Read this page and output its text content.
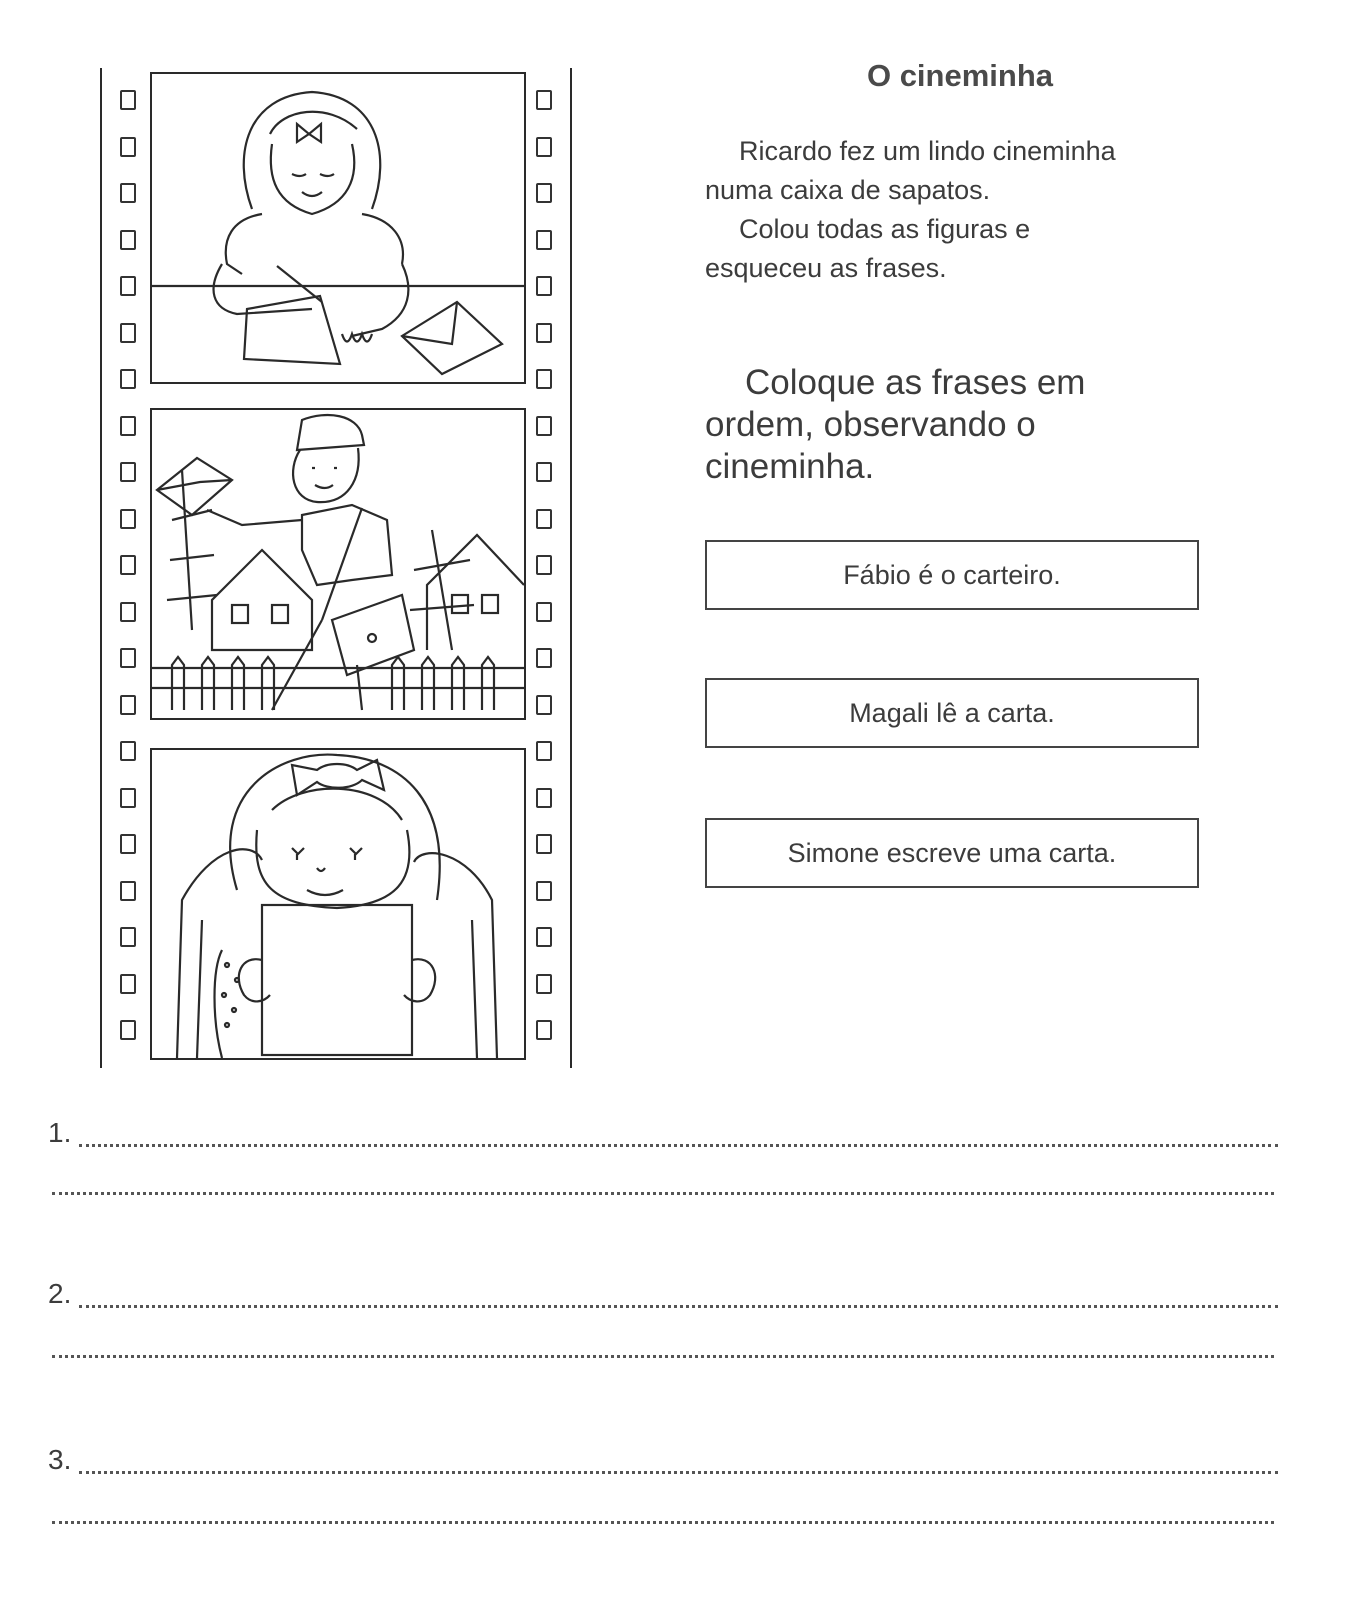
O cineminha

Ricardo fez um lindo cineminha

numa caixa de sapatos.

Colou todas as figuras e

esqueceu as frases.

Coloque as frases em ordem, observando o cineminha.
Fábio é o carteiro.
Magali lê a carta.
Simone escreve uma carta.
1.
2.
3.
